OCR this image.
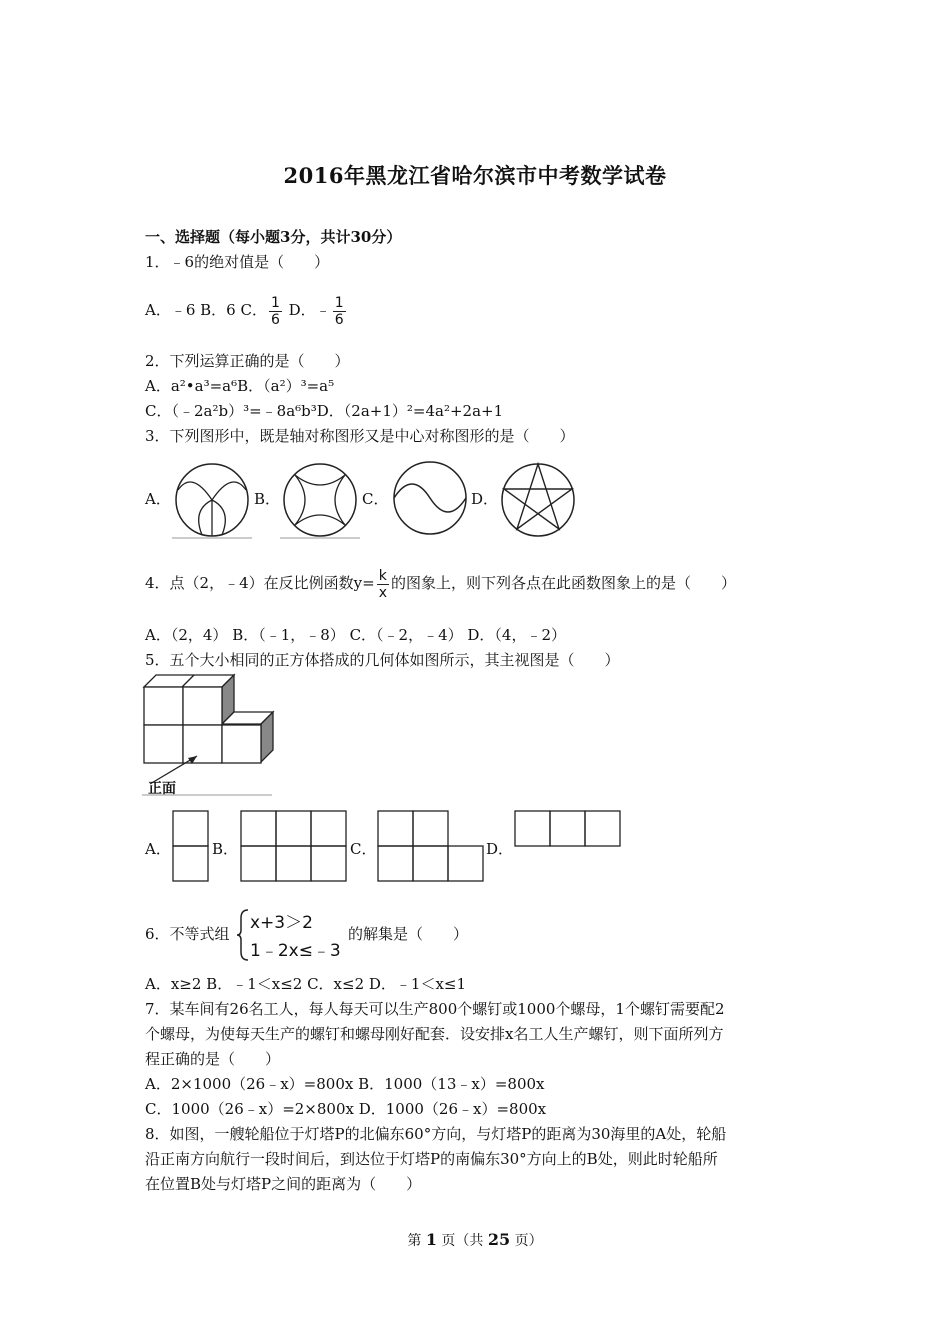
2016年黑龙江省哈尔滨市中考数学试卷
一、选择题（每小题3分，共计30分）
1．﹣6的绝对值是（　　）
A．﹣6 B．6 C． $\frac{1}{6}$ D．﹣ $\frac{1}{6}$
2．下列运算正确的是（　　）
A．a²•a³=a⁶B．（a²）³=a⁵
C．（﹣2a²b）³=﹣8a⁶b³D．（2a+1）²=4a²+2a+1
3．下列图形中，既是轴对称图形又是中心对称图形的是（　　）
A．	B．	C．	D．
4．点（2，﹣4）在反比例函数$y= \frac{k}{x}$ 的图象上，则下列各点在此函数图象上的是（　　）
A．（2，4） B．（﹣1，﹣8） C．（﹣2，﹣4） D．（4，﹣2）
5．五个大小相同的正方体搭成的几何体如图所示，其主视图是（　　）
正面
A．	B．	C．	D．
6．不等式组
x+3＞2
1﹣2x≤﹣3
的解集是（　　）
A．x≥2 B．﹣1＜x≤2 C．x≤2 D．﹣1＜x≤1
7．某车间有26名工人，每人每天可以生产800个螺钉或1000个螺母，1个螺钉需要配2
个螺母，为使每天生产的螺钉和螺母刚好配套．设安排x名工人生产螺钉，则下面所列方
程正确的是（　　）
A．2×1000（26﹣x）=800x B．1000（13﹣x）=800x
C．1000（26﹣x）=2×800x D．1000（26﹣x）=800x
8．如图，一艘轮船位于灯塔P的北偏东60°方向，与灯塔P的距离为30海里的A处，轮船
沿正南方向航行一段时间后，到达位于灯塔P的南偏东30°方向上的B处，则此时轮船所
在位置B处与灯塔P之间的距离为（　　）
第 1 页（共 25 页）
